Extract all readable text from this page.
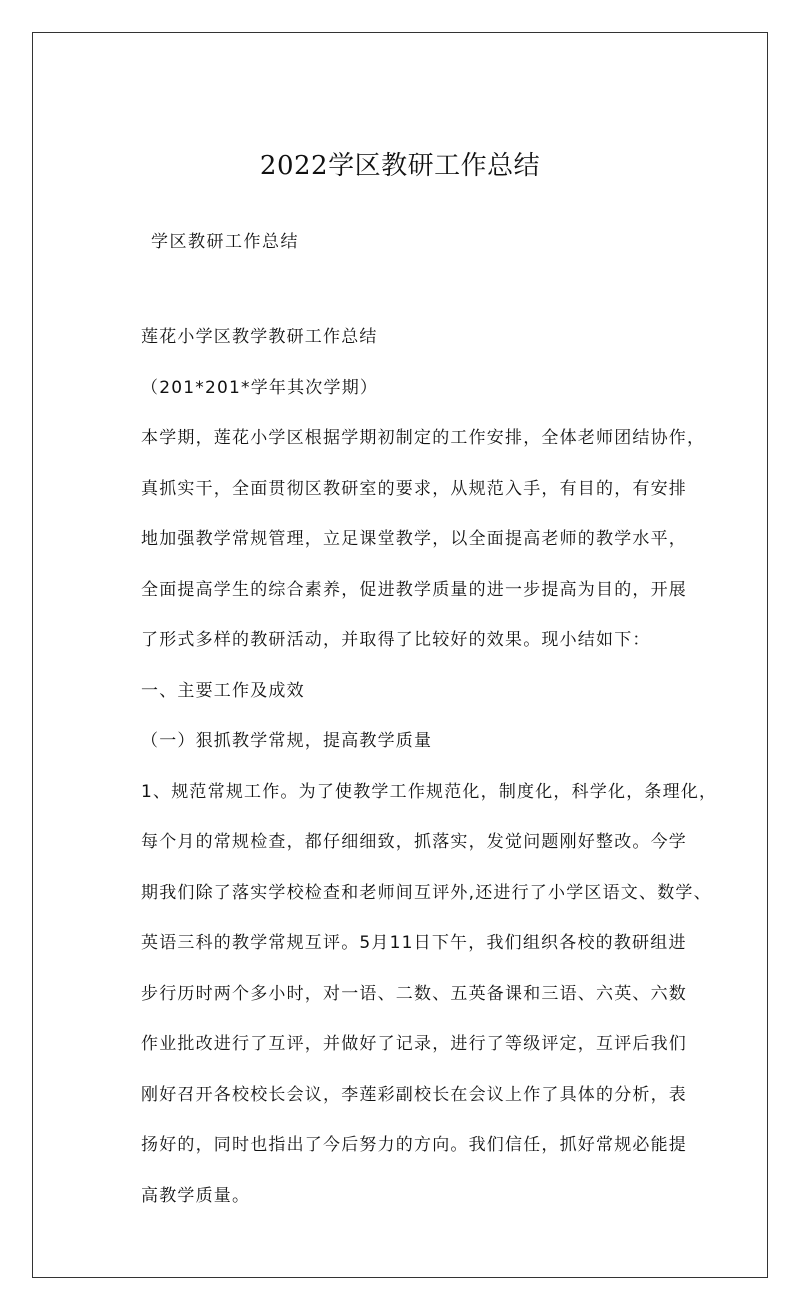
2022学区教研工作总结
学区教研工作总结
莲花小学区教学教研工作总结
（201*201*学年其次学期）
本学期，莲花小学区根据学期初制定的工作安排，全体老师团结协作，
真抓实干，全面贯彻区教研室的要求，从规范入手，有目的，有安排
地加强教学常规管理，立足课堂教学，以全面提高老师的教学水平，
全面提高学生的综合素养，促进教学质量的进一步提高为目的，开展
了形式多样的教研活动，并取得了比较好的效果。现小结如下：
一、主要工作及成效
（一）狠抓教学常规，提高教学质量
1、规范常规工作。为了使教学工作规范化，制度化，科学化，条理化，
每个月的常规检查，都仔细细致，抓落实，发觉问题刚好整改。今学
期我们除了落实学校检查和老师间互评外,还进行了小学区语文、数学、
英语三科的教学常规互评。5月11日下午，我们组织各校的教研组进
步行历时两个多小时，对一语、二数、五英备课和三语、六英、六数
作业批改进行了互评，并做好了记录，进行了等级评定，互评后我们
刚好召开各校校长会议，李莲彩副校长在会议上作了具体的分析，表
扬好的，同时也指出了今后努力的方向。我们信任，抓好常规必能提
高教学质量。
